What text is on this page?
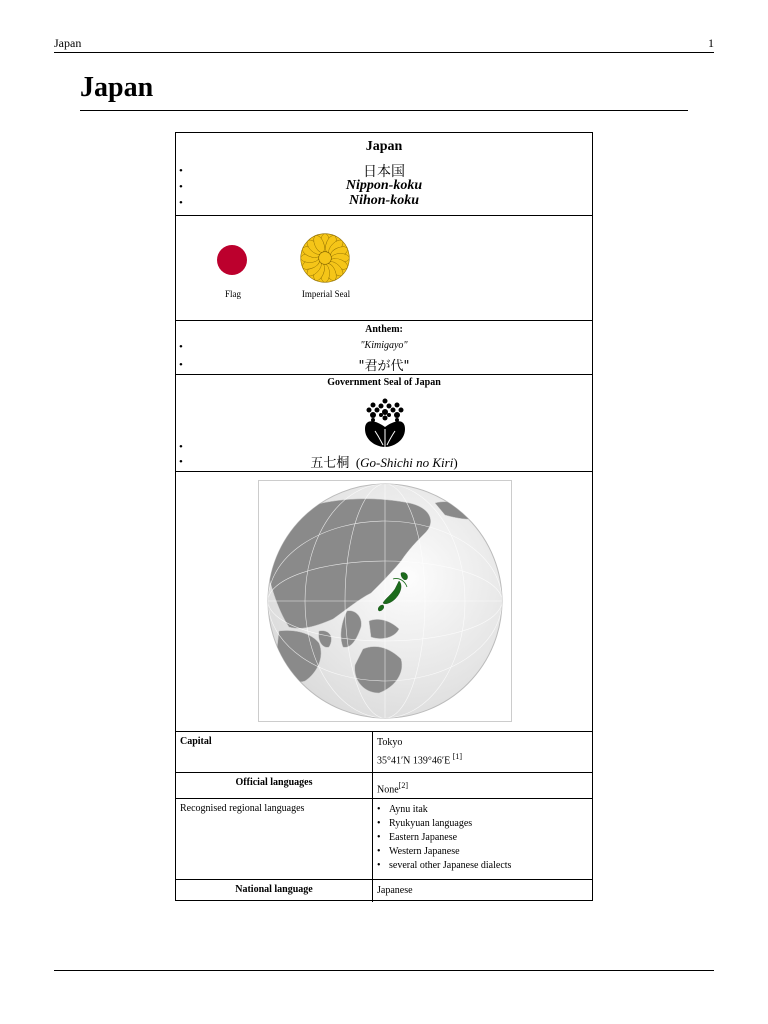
Japan	1
Japan
Japan
•
•
•
日本国
Nippon-koku
Nihon-koku
Flag	Imperial Seal
Anthem:
•
•
"Kimigayo"
"君が代"
Government Seal of Japan
•
•	五七桐  (Go-Shichi no Kiri)
Capital	Tokyo
35°41′N 139°46′E [1]
Official languages
None[2]
Recognised regional languages
•	Aynu itak
• Ryukyuan languages
• Eastern Japanese
• Western Japanese
• several other Japanese dialects
National language	Japanese
